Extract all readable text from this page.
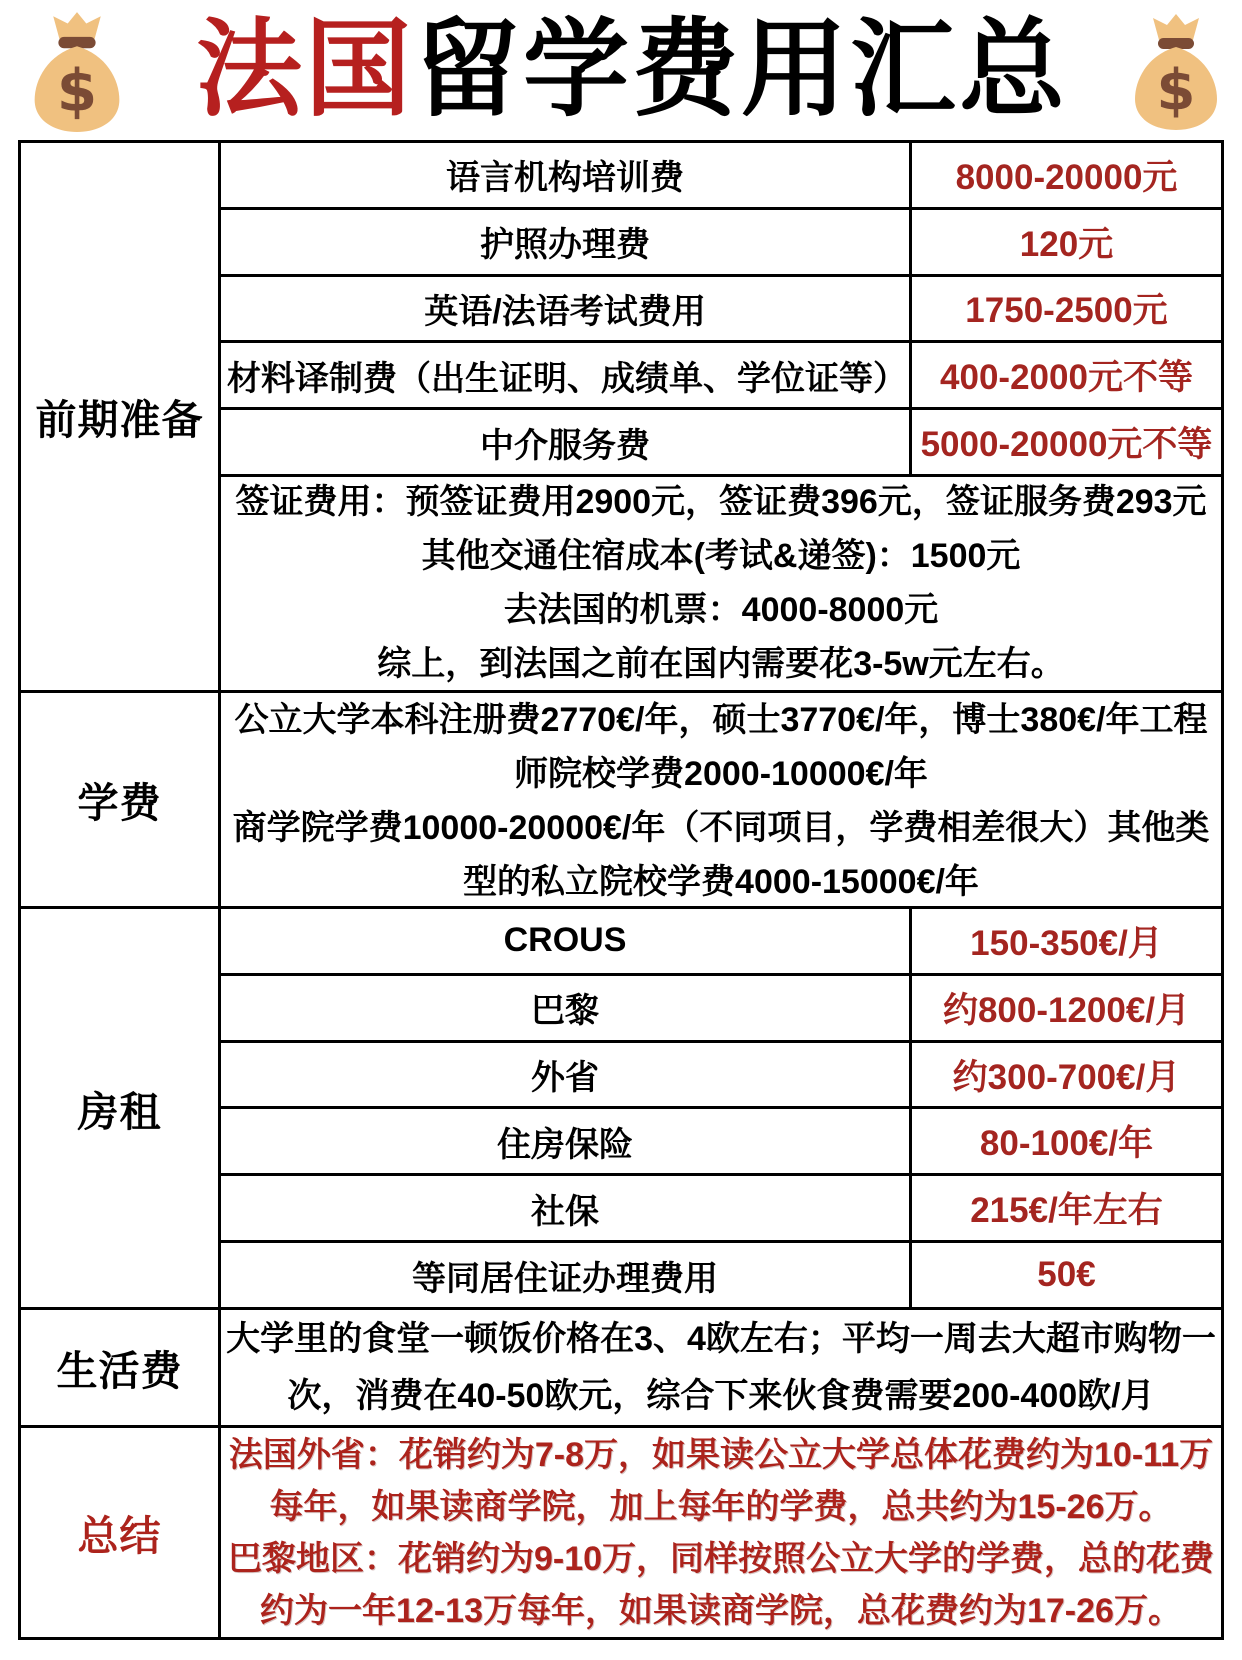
$ 法国留学费用汇总 $
前期准备
语言机构培训费	8000-20000元
护照办理费	120元
英语/法语考试费用	1750-2500元
材料译制费（出生证明、成绩单、学位证等） 400-2000元不等
中介服务费	5000-20000元不等
签证费用：预签证费用2900元，签证费396元，签证服务费293元
其他交通住宿成本(考试&递签)：1500元
去法国的机票：4000-8000元
综上，到法国之前在国内需要花3-5w元左右。
学费
公立大学本科注册费2770€/年，硕士3770€/年，博士380€/年工程
师院校学费2000-10000€/年
商学院学费10000-20000€/年（不同项目，学费相差很大）其他类
型的私立院校学费4000-15000€/年
房租
CROUS	150-350€/月
巴黎	约800-1200€/月
外省	约300-700€/月
住房保险	80-100€/年
社保	215€/年左右
等同居住证办理费用	50€
生活费
大学里的食堂一顿饭价格在3、4欧左右；平均一周去大超市购物一
次，消费在40-50欧元，综合下来伙食费需要200-400欧/月
总结
法国外省：花销约为7-8万，如果读公立大学总体花费约为10-11万
每年，如果读商学院，加上每年的学费，总共约为15-26万。
巴黎地区：花销约为9-10万，同样按照公立大学的学费，总的花费
约为一年12-13万每年，如果读商学院，总花费约为17-26万。
